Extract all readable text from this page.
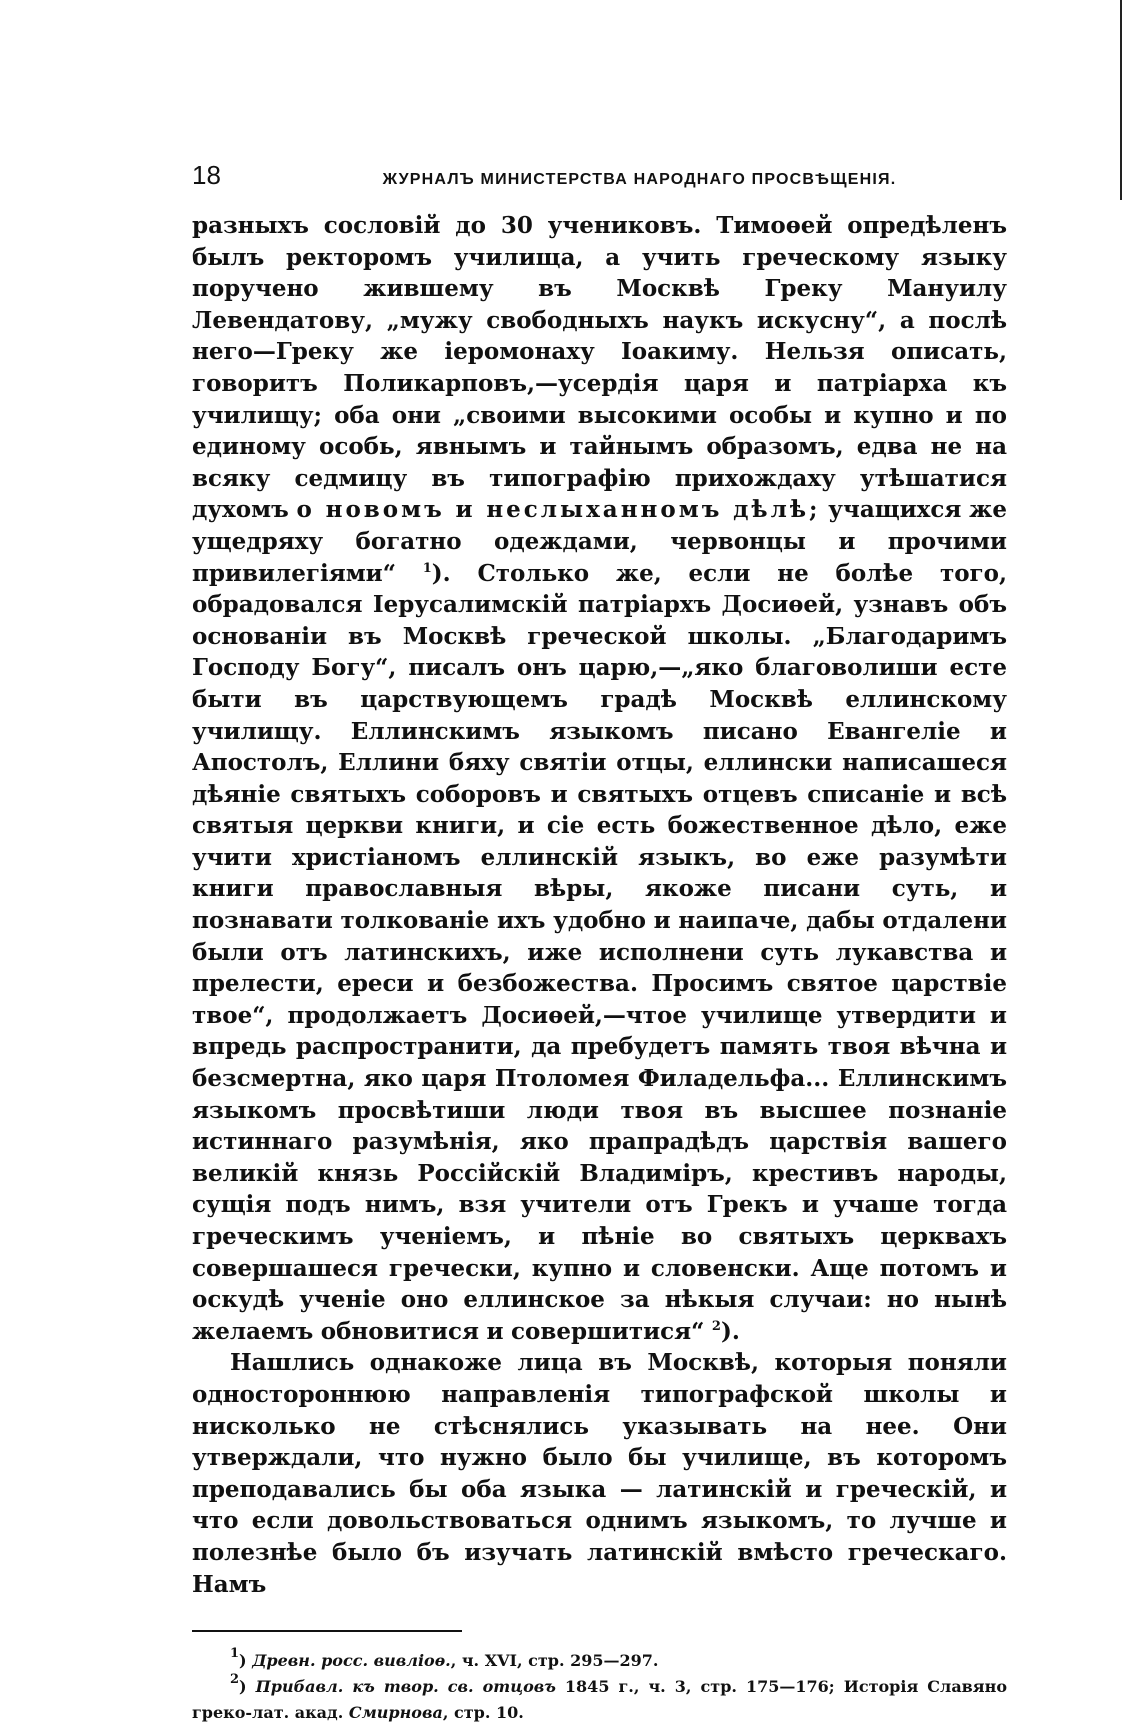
18	ЖУРНАЛЪ МИНИСТЕРСТВА НАРОДНАГО ПРОСВѢЩЕНІЯ.

разныхъ сословій до 30 учениковъ. Тимоѳей опредѣленъ былъ ректоромъ училища, а учить греческому языку поручено жившему въ Москвѣ Греку Мануилу Левендатову, „мужу свободныхъ наукъ искусну“, а послѣ него—Греку же іеромонаху Іоакиму. Нельзя описать, говоритъ Поликарповъ,—усердія царя и патріарха къ училищу; оба они „своими высокими особы и купно и по единому особь, явнымъ и тайнымъ образомъ, едва не на всяку седмицу въ типографію прихождаху утѣшатися духомъ о новомъ и неслыханномъ дѣлѣ; учащихся же ущедряху богатно одеждами, червонцы и прочими привилегіями“ $^1$). Столько же, если не болѣе того, обрадовался Іерусалимскій патріархъ Досиѳей, узнавъ объ основаніи въ Москвѣ греческой школы. „Благодаримъ Господу Богу“, писалъ онъ царю,—„яко благоволиши есте быти въ царствующемъ градѣ Москвѣ еллинскому училищу. Еллинскимъ языкомъ писано Евангеліе и Апостолъ, Еллини бяху святіи отцы, еллински написашеся дѣяніе святыхъ соборовъ и святыхъ отцевъ списаніе и всѣ святыя церкви книги, и сіе есть божественное дѣло, еже учити христіаномъ еллинскій языкъ, во еже разумѣти книги православныя вѣры, якоже писани суть, и познавати толкованіе ихъ удобно и наипаче, дабы отдалени были отъ латинскихъ, иже исполнени суть лукавства и прелести, ереси и безбожества. Просимъ святое царствіе твое“, продолжаетъ Досиѳей,—чтое училище утвердити и впредь распространити, да пребудетъ память твоя вѣчна и безсмертна, яко царя Птоломея Филадельфа... Еллинскимъ языкомъ просвѣтиши люди твоя въ высшее познаніе истиннаго разумѣнія, яко прапрадѣдъ царствія вашего великій князь Россійскій Владиміръ, крестивъ народы, сущія подъ нимъ, взя учители отъ Грекъ и учаше тогда греческимъ ученіемъ, и пѣніе во святыхъ церквахъ совершашеся гречески, купно и словенски. Аще потомъ и оскудѣ ученіе оно еллинское за нѣкыя случаи: но нынѣ желаемъ обновитися и совершитися“ $^2$).

Нашлись однакоже лица въ Москвѣ, которыя поняли одностороннюю направленія типографской школы и нисколько не стѣснялись указывать на нее. Они утверждали, что нужно было бы училище, въ которомъ преподавались бы оба языка — латинскій и греческій, и что если довольствоваться однимъ языкомъ, то лучше и полезнѣе было бъ изучать латинскій вмѣсто греческаго. Намъ

$^1$) Древн. росс. вивліоѳ., ч. XVI, стр. 295—297.

$^2$) Прибавл. къ твор. св. отцовъ 1845 г., ч. 3, стр. 175—176; Исторія Славяно греко-лат. акад. Смирнова, стр. 10.
